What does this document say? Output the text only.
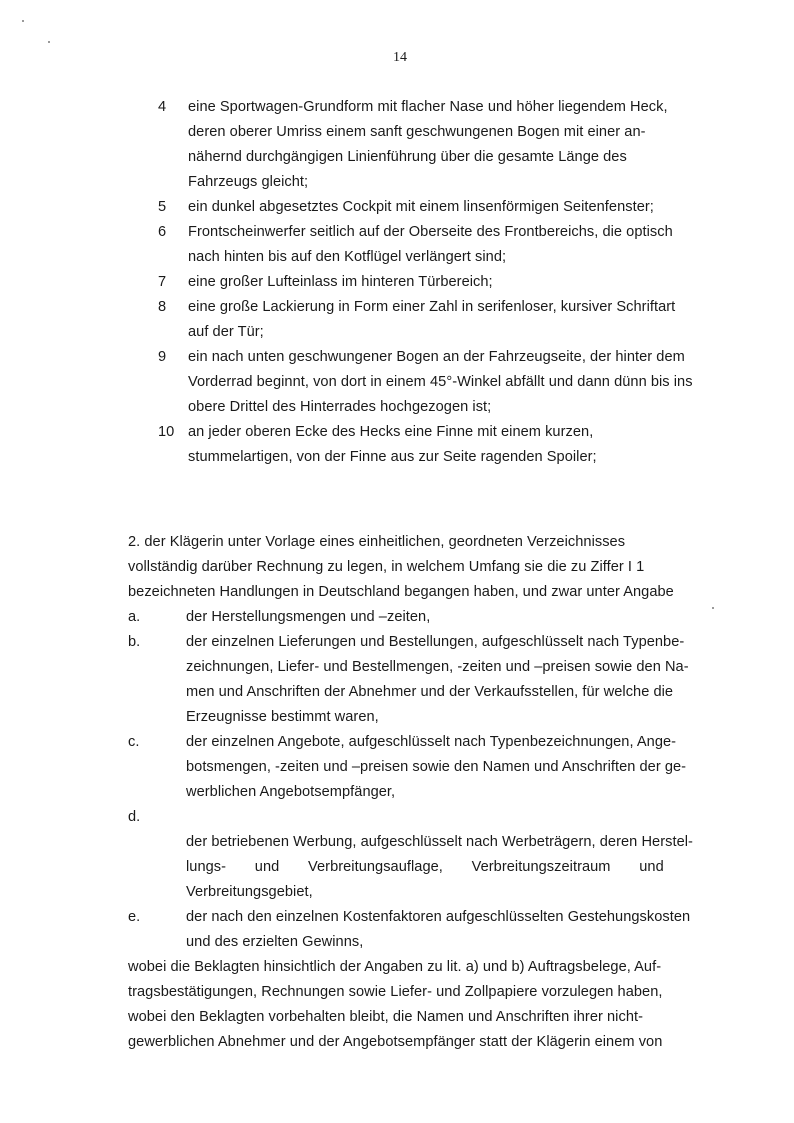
14
4	eine Sportwagen-Grundform mit flacher Nase und höher liegendem Heck,
deren oberer Umriss einem sanft geschwungenen Bogen mit einer an-
nähernd durchgängigen Linienführung über die gesamte Länge des
Fahrzeugs gleicht;
5	ein dunkel abgesetztes Cockpit mit einem linsenförmigen Seitenfenster;
6	Frontscheinwerfer seitlich auf der Oberseite des Frontbereichs, die optisch
nach hinten bis auf den Kotflügel verlängert sind;
7	eine großer Lufteinlass im hinteren Türbereich;
8	eine große Lackierung in Form einer Zahl in serifenloser, kursiver Schriftart
auf der Tür;
9	ein nach unten geschwungener Bogen an der Fahrzeugseite, der hinter dem
Vorderrad beginnt, von dort in einem 45°-Winkel abfällt und dann dünn bis ins
obere Drittel des Hinterrades hochgezogen ist;
10 an jeder oberen Ecke des Hecks eine Finne mit einem kurzen,
stummelartigen, von der Finne aus zur Seite ragenden Spoiler;

2. der Klägerin unter Vorlage eines einheitlichen, geordneten Verzeichnisses
vollständig darüber Rechnung zu legen, in welchem Umfang sie die zu Ziffer I 1
bezeichneten Handlungen in Deutschland begangen haben, und zwar unter Angabe

a.	der Herstellungsmengen und –zeiten,
b.	der einzelnen Lieferungen und Bestellungen, aufgeschlüsselt nach Typenbe-
zeichnungen, Liefer- und Bestellmengen, -zeiten und –preisen sowie den Na-
men und Anschriften der Abnehmer und der Verkaufsstellen, für welche die
Erzeugnisse bestimmt waren,
c.	der einzelnen Angebote, aufgeschlüsselt nach Typenbezeichnungen, Ange-
botsmengen, -zeiten und –preisen sowie den Namen und Anschriften der ge-
werblichen Angebotsempfänger,
d.

der betriebenen Werbung, aufgeschlüsselt nach Werbeträgern, deren Herstel-
lungs-       und       Verbreitungsauflage,       Verbreitungszeitraum       und
Verbreitungsgebiet,
e.	der nach den einzelnen Kostenfaktoren aufgeschlüsselten Gestehungskosten
und des erzielten Gewinns,

wobei die Beklagten hinsichtlich der Angaben zu lit. a) und b) Auftragsbelege, Auf-
tragsbestätigungen, Rechnungen sowie Liefer- und Zollpapiere vorzulegen haben,
wobei den Beklagten vorbehalten bleibt, die Namen und Anschriften ihrer nicht-
gewerblichen Abnehmer und der Angebotsempfänger statt der Klägerin einem von
